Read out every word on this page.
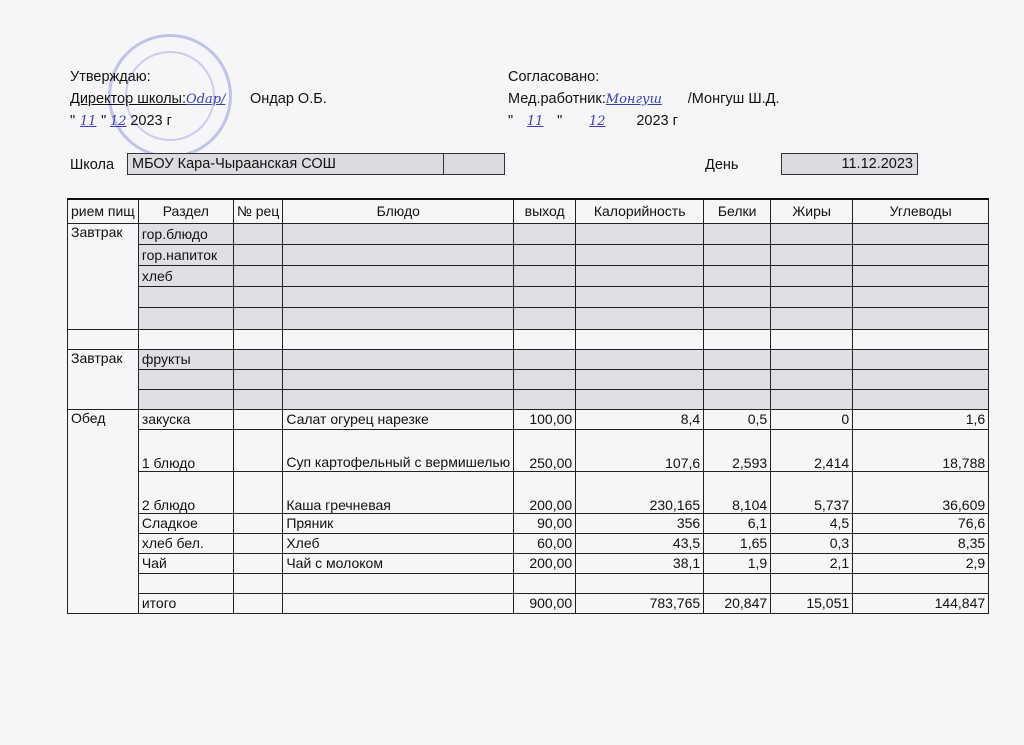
Утверждаю:
Директор школы:Odap/ Ондар О.Б.
" 11 " 12 2023 г
Согласовано:
Мед.работник:Монгуш /Монгуш Ш.Д.
" 11 " 12 2023 г
Школа	МБОУ Кара-Чыраанская СОШ	День	11.12.2023
рием пищ	Раздел	№ рец	Блюдо	выход	Калорийность	Белки	Жиры	Углеводы
Завтрак	гор.блюдо							
	гор.напиток							
	хлеб							

Завтрак	фрукты							

Обед	закуска		Салат огурец нарезке	100,00	8,4	0,5	0	1,6
	1 блюдо		Суп картофельный с вермишелью	250,00	107,6	2,593	2,414	18,788
	2 блюдо		Каша гречневая	200,00	230,165	8,104	5,737	36,609
	Сладкое		Пряник	90,00	356	6,1	4,5	76,6
	хлеб бел.		Хлеб	60,00	43,5	1,65	0,3	8,35
	Чай		Чай с молоком	200,00	38,1	1,9	2,1	2,9

	итого			900,00	783,765	20,847	15,051	144,847
